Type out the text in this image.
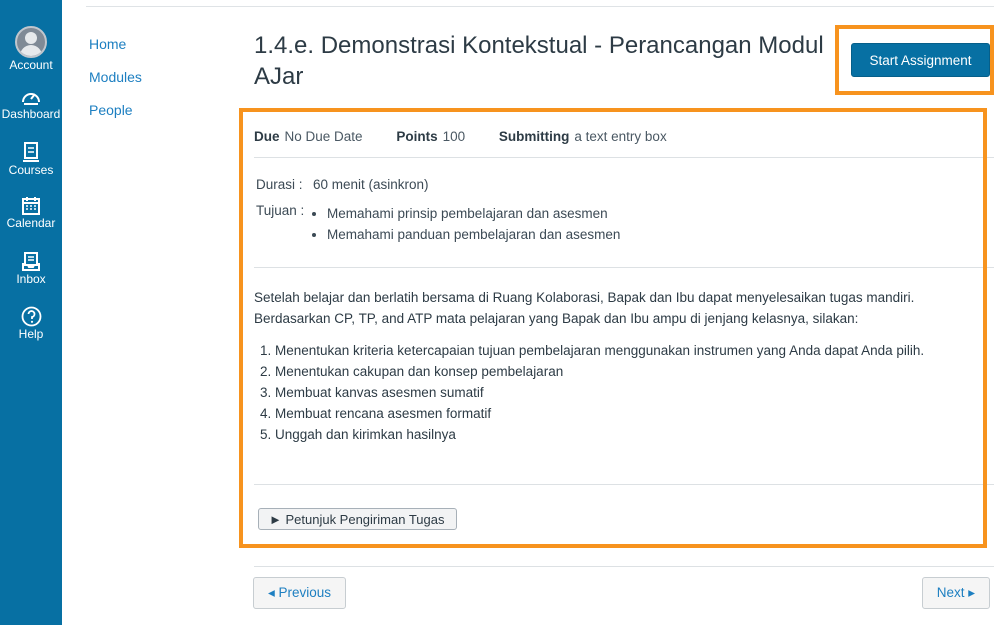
Account
Dashboard
Courses
Calendar
Inbox
Help
Home
Modules
People
1.4.e. Demonstrasi Kontekstual - Perancangan Modul AJar
Start Assignment
Due No Due Date	Points 100	Submitting a text entry box
Durasi : 60 menit (asinkron)
Tujuan :
• Memahami prinsip pembelajaran dan asesmen
• Memahami panduan pembelajaran dan asesmen

Setelah belajar dan berlatih bersama di Ruang Kolaborasi, Bapak dan Ibu dapat menyelesaikan tugas mandiri. Berdasarkan CP, TP, and ATP mata pelajaran yang Bapak dan Ibu ampu di jenjang kelasnya, silakan:

1. Menentukan kriteria ketercapaian tujuan pembelajaran menggunakan instrumen yang Anda dapat Anda pilih.
2. Menentukan cakupan dan konsep pembelajaran
3. Membuat kanvas asesmen sumatif
4. Membuat rencana asesmen formatif
5. Unggah dan kirimkan hasilnya
► Petunjuk Pengiriman Tugas
◂ Previous	Next ▸
